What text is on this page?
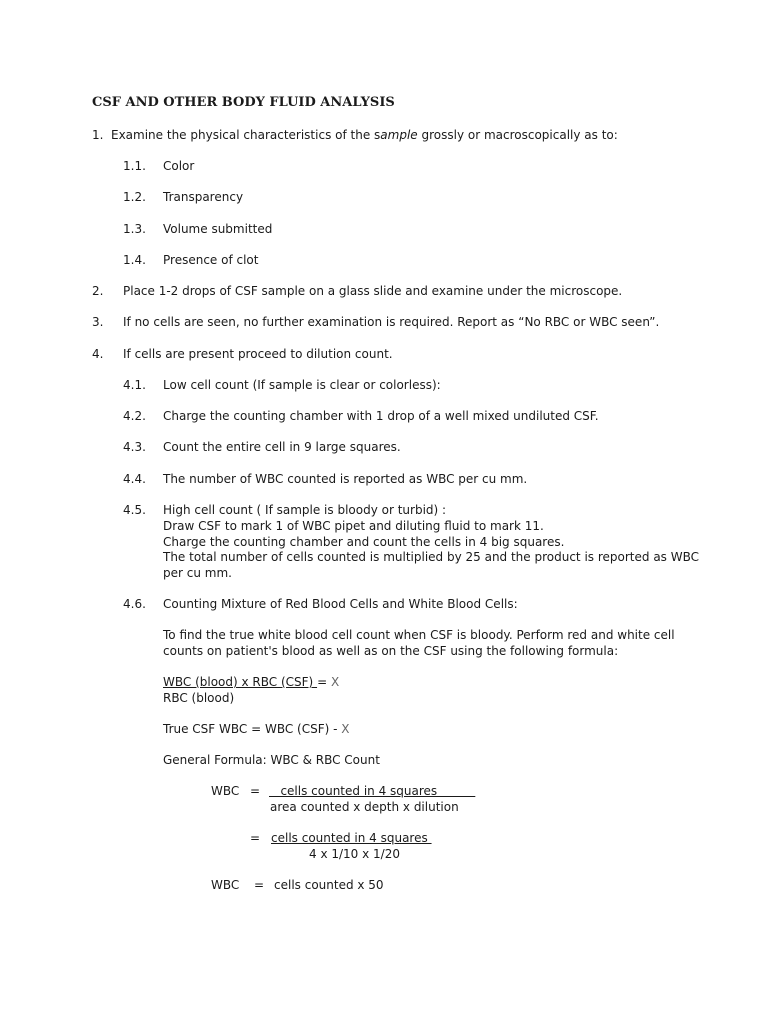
CSF AND OTHER BODY FLUID ANALYSIS
1. Examine the physical characteristics of the sample grossly or macroscopically as to:
1.1. Color
1.2. Transparency
1.3. Volume submitted
1.4. Presence of clot
2. Place 1-2 drops of CSF sample on a glass slide and examine under the microscope.
3. If no cells are seen, no further examination is required. Report as “No RBC or WBC seen”.
4. If cells are present proceed to dilution count.
4.1. Low cell count (If sample is clear or colorless):
4.2. Charge the counting chamber with 1 drop of a well mixed undiluted CSF.
4.3. Count the entire cell in 9 large squares.
4.4. The number of WBC counted is reported as WBC per cu mm.
4.5. High cell count ( If sample is bloody or turbid) :
Draw CSF to mark 1 of WBC pipet and diluting fluid to mark 11.
Charge the counting chamber and count the cells in 4 big squares.
The total number of cells counted is multiplied by 25 and the product is reported as WBC
per cu mm.
4.6. Counting Mixture of Red Blood Cells and White Blood Cells:
To find the true white blood cell count when CSF is bloody. Perform red and white cell
counts on patient's blood as well as on the CSF using the following formula:
WBC (blood) x RBC (CSF) = X
RBC (blood)
True CSF WBC = WBC (CSF) - X
General Formula: WBC & RBC Count
WBC = cells counted in 4 squares
area counted x depth x dilution
= cells counted in 4 squares
4 x 1/10 x 1/20
WBC = cells counted x 50
